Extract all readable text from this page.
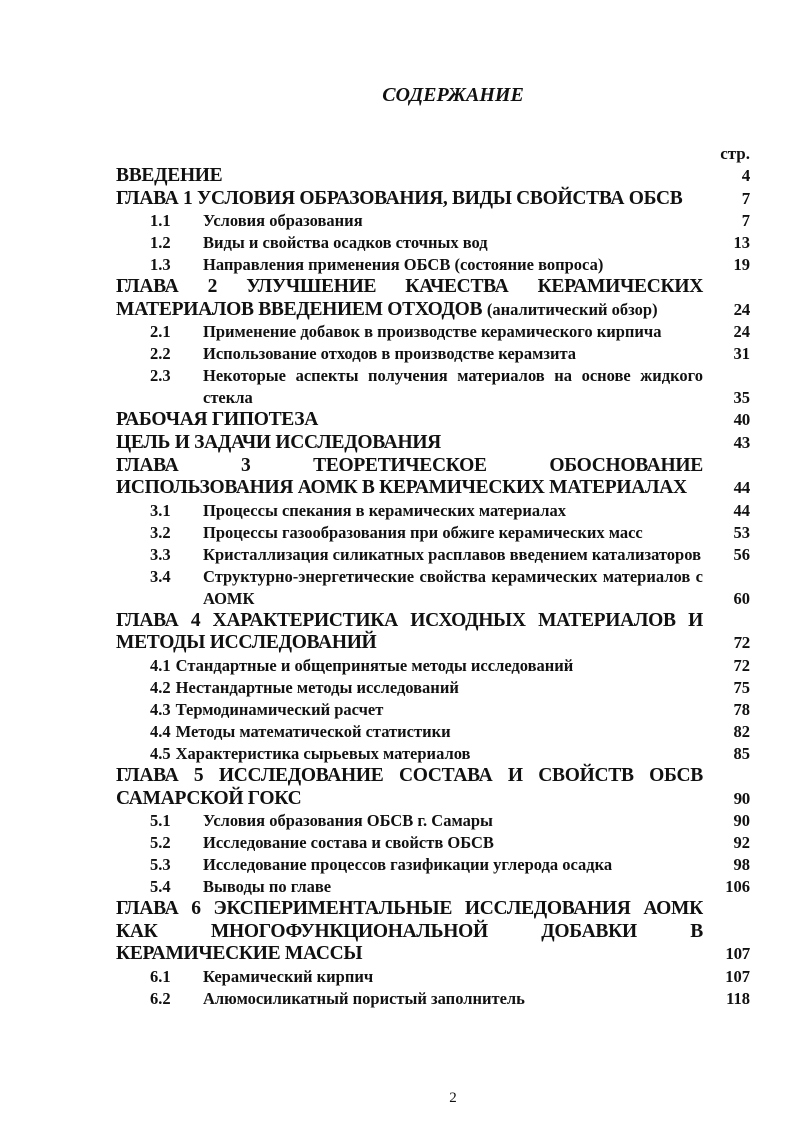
СОДЕРЖАНИЕ
стр.
ВВЕДЕНИЕ	4
ГЛАВА 1 УСЛОВИЯ ОБРАЗОВАНИЯ, ВИДЫ СВОЙСТВА ОБСВ	7
1.1	Условия образования	7
1.2	Виды и свойства осадков сточных вод	13
1.3	Направления применения ОБСВ (состояние вопроса)	19
ГЛАВА 2 УЛУЧШЕНИЕ КАЧЕСТВА КЕРАМИЧЕСКИХ МАТЕРИАЛОВ ВВЕДЕНИЕМ ОТХОДОВ (аналитический обзор)	24
2.1	Применение добавок в производстве керамического кирпича	24
2.2	Использование отходов в производстве керамзита	31
2.3	Некоторые аспекты получения материалов на основе жидкого стекла	35
РАБОЧАЯ ГИПОТЕЗА	40
ЦЕЛЬ И ЗАДАЧИ ИССЛЕДОВАНИЯ	43
ГЛАВА 3 ТЕОРЕТИЧЕСКОЕ ОБОСНОВАНИЕ ИСПОЛЬЗОВАНИЯ АОМК В КЕРАМИЧЕСКИХ МАТЕРИАЛАХ	44
3.1	Процессы спекания в керамических материалах	44
3.2	Процессы газообразования при обжиге керамических масс	53
3.3	Кристаллизация силикатных расплавов введением катализаторов	56
3.4	Структурно-энергетические свойства керамических материалов с АОМК	60
ГЛАВА 4 ХАРАКТЕРИСТИКА ИСХОДНЫХ МАТЕРИАЛОВ И МЕТОДЫ ИССЛЕДОВАНИЙ	72
4.1 Стандартные и общепринятые методы исследований	72
4.2 Нестандартные методы исследований	75
4.3 Термодинамический расчет	78
4.4 Методы математической статистики	82
4.5 Характеристика сырьевых материалов	85
ГЛАВА 5 ИССЛЕДОВАНИЕ СОСТАВА И СВОЙСТВ ОБСВ САМАРСКОЙ ГОКС	90
5.1	Условия образования ОБСВ г. Самары	90
5.2	Исследование состава и свойств ОБСВ	92
5.3	Исследование процессов газификации углерода осадка	98
5.4	Выводы по главе	106
ГЛАВА 6 ЭКСПЕРИМЕНТАЛЬНЫЕ ИССЛЕДОВАНИЯ АОМК КАК МНОГОФУНКЦИОНАЛЬНОЙ ДОБАВКИ В КЕРАМИЧЕСКИЕ МАССЫ	107
6.1	Керамический кирпич	107
6.2	Алюмосиликатный пористый заполнитель	118
2
